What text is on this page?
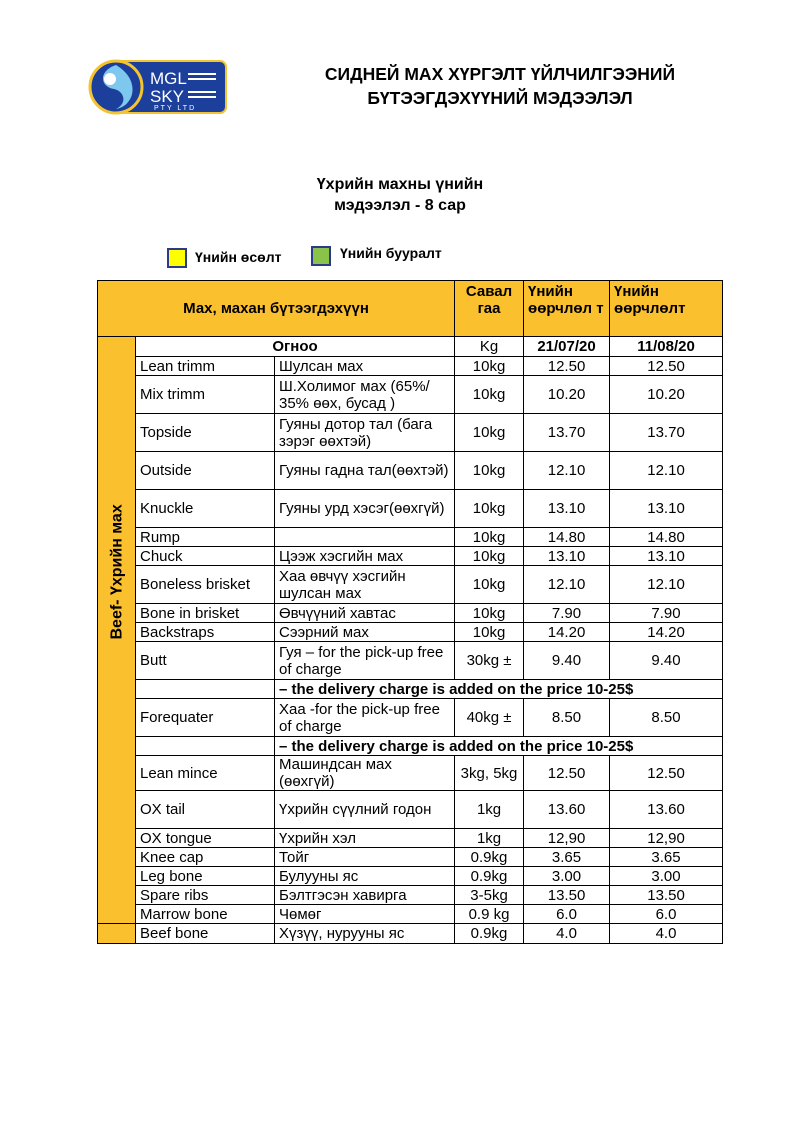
MGL
SKY
PTY LTD
СИДНЕЙ МАХ ХҮРГЭЛТ ҮЙЛЧИЛГЭЭНИЙ
БҮТЭЭГДЭХҮҮНИЙ МЭДЭЭЛЭЛ
Үхрийн махны үнийн
мэдээлэл - 8 сар
Үнийн өсөлт	Үнийн бууралт
Мах, махан бүтээгдэхүүн			Савал гаа	Үнийн өөрчлөл т	Үнийн өөрчлөлт

Beef- Үхрийн мах	Огноо		Kg	21/07/20	11/08/20
	Lean trimm	Шулсан мах	10kg	12.50	12.50
	Mix trimm	Ш.Холимог мах (65%/ 35% өөх, бусад )	10kg	10.20	10.20
	Topside	Гуяны дотор тал (бага зэрэг өөхтэй)	10kg	13.70	13.70
	Outside	Гуяны гадна тал(өөхтэй)	10kg	12.10	12.10
	Knuckle	Гуяны урд хэсэг(өөхгүй)	10kg	13.10	13.10
	Rump		10kg	14.80	14.80
	Chuck	Цээж хэсгийн мах	10kg	13.10	13.10
	Boneless brisket	Хаа өвчүү хэсгийн шулсан мах	10kg	12.10	12.10
	Bone in brisket	Өвчүүний хавтас	10kg	7.90	7.90
	Backstraps	Сээрний мах	10kg	14.20	14.20
	Butt	Гуя – for the pick-up free of charge	30kg ±	9.40	9.40
		– the delivery charge is added on the price 10-25$			
	Forequater	Хаа -for the pick-up free of charge	40kg ±	8.50	8.50
		– the delivery charge is added on the price 10-25$			
	Lean mince	Машиндсан мах (өөхгүй)	3kg, 5kg	12.50	12.50
	OX tail	Үхрийн сүүлний годон	1kg	13.60	13.60
	OX tongue	Үхрийн хэл	1kg	12,90	12,90
	Knee cap	Тойг	0.9kg	3.65	3.65
	Leg bone	Булууны яс	0.9kg	3.00	3.00
	Spare ribs	Бэлтгэсэн хавирга	3-5kg	13.50	13.50
	Marrow bone	Чөмөг	0.9 kg	6.0	6.0
	Beef bone	Хүзүү, нурууны яс	0.9kg	4.0	4.0
